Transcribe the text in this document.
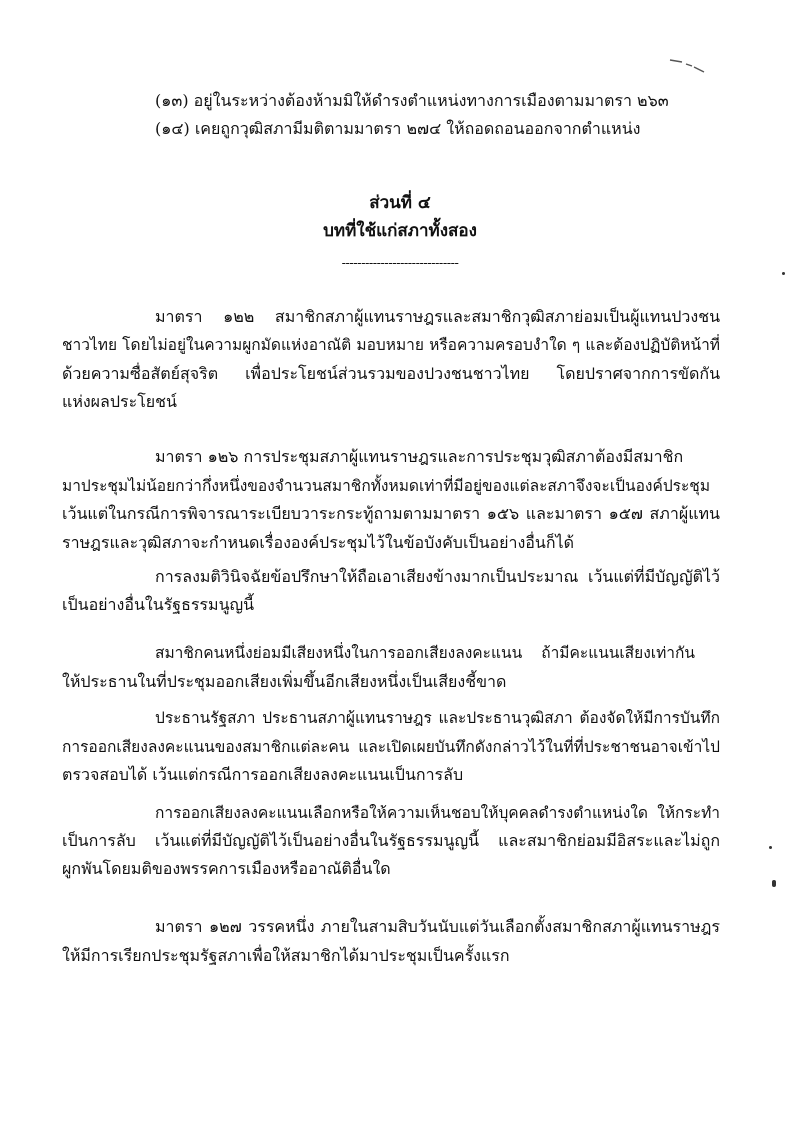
(๑๓) อยู่ในระหว่างต้องห้ามมิให้ดำรงตำแหน่งทางการเมืองตามมาตรา ๒๖๓
(๑๔) เคยถูกวุฒิสภามีมติตามมาตรา ๒๗๔ ให้ถอดถอนออกจากตำแหน่ง
ส่วนที่ ๔
บทที่ใช้แก่สภาทั้งสอง
------------------------------
มาตรา ๑๒๒ สมาชิกสภาผู้แทนราษฎรและสมาชิกวุฒิสภาย่อมเป็นผู้แทนปวงชน
ชาวไทย โดยไม่อยู่ในความผูกมัดแห่งอาณัติ มอบหมาย หรือความครอบงำใด ๆ และต้องปฏิบัติหน้าที่
ด้วยความซื่อสัตย์สุจริต เพื่อประโยชน์ส่วนรวมของปวงชนชาวไทย โดยปราศจากการขัดกัน
แห่งผลประโยชน์
มาตรา ๑๒๖ การประชุมสภาผู้แทนราษฎรและการประชุมวุฒิสภาต้องมีสมาชิก
มาประชุมไม่น้อยกว่ากึ่งหนึ่งของจำนวนสมาชิกทั้งหมดเท่าที่มีอยู่ของแต่ละสภาจึงจะเป็นองค์ประชุม
เว้นแต่ในกรณีการพิจารณาระเบียบวาระกระทู้ถามตามมาตรา ๑๕๖ และมาตรา ๑๕๗ สภาผู้แทน
ราษฎรและวุฒิสภาจะกำหนดเรื่ององค์ประชุมไว้ในข้อบังคับเป็นอย่างอื่นก็ได้
การลงมติวินิจฉัยข้อปรึกษาให้ถือเอาเสียงข้างมากเป็นประมาณ เว้นแต่ที่มีบัญญัติไว้
เป็นอย่างอื่นในรัฐธรรมนูญนี้
สมาชิกคนหนึ่งย่อมมีเสียงหนึ่งในการออกเสียงลงคะแนน ถ้ามีคะแนนเสียงเท่ากัน
ให้ประธานในที่ประชุมออกเสียงเพิ่มขึ้นอีกเสียงหนึ่งเป็นเสียงชี้ขาด
ประธานรัฐสภา ประธานสภาผู้แทนราษฎร และประธานวุฒิสภา ต้องจัดให้มีการบันทึก
การออกเสียงลงคะแนนของสมาชิกแต่ละคน และเปิดเผยบันทึกดังกล่าวไว้ในที่ที่ประชาชนอาจเข้าไป
ตรวจสอบได้ เว้นแต่กรณีการออกเสียงลงคะแนนเป็นการลับ
การออกเสียงลงคะแนนเลือกหรือให้ความเห็นชอบให้บุคคลดำรงตำแหน่งใด ให้กระทำ
เป็นการลับ เว้นแต่ที่มีบัญญัติไว้เป็นอย่างอื่นในรัฐธรรมนูญนี้ และสมาชิกย่อมมีอิสระและไม่ถูก
ผูกพันโดยมติของพรรคการเมืองหรืออาณัติอื่นใด
มาตรา ๑๒๗ วรรคหนึ่ง ภายในสามสิบวันนับแต่วันเลือกตั้งสมาชิกสภาผู้แทนราษฎร
ให้มีการเรียกประชุมรัฐสภาเพื่อให้สมาชิกได้มาประชุมเป็นครั้งแรก
